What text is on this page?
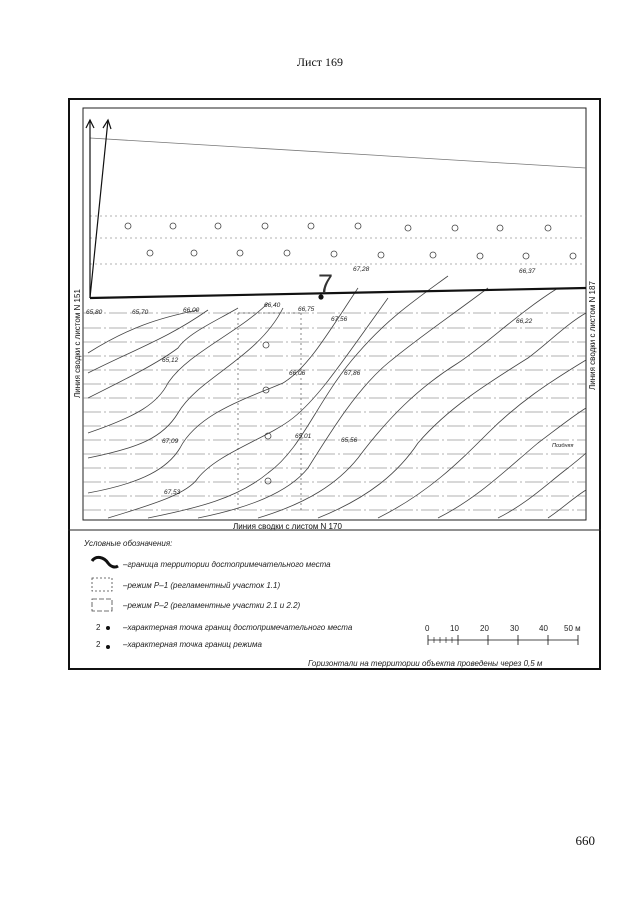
Лист 169
65,80	65,70	66,00
66,40
66,75
67,56
67,28	66,37
66,22
65,12
66,06	67,86
67,09
65,01
65,56
67,53
Поздняя
7
Линия сводки с листом N 151	Линия сводки с листом N 187
Линия сводки с листом N 170
Условные обозначения:
–граница территории достопримечательного места
–режим Р–1 (регламентный участок 1.1)
–режим Р–2 (регламентные участки 2.1 и 2.2)
2	–характерная точка границ достопримечательного места
2	–характерная точка границ режима
0	10	20	30	40 50 м
Горизонтали на территории объекта проведены через 0,5 м
660
